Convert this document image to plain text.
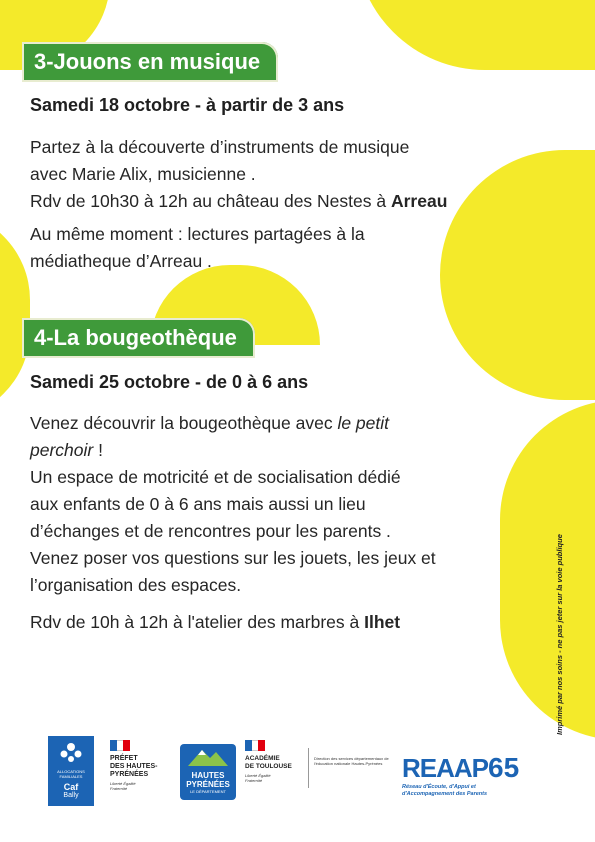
3-Jouons en musique
Samedi 18 octobre - à partir de 3 ans
Partez à la découverte d’instruments de musique
avec Marie Alix, musicienne .
Rdv de 10h30 à 12h au château des Nestes à Arreau
Au même moment : lectures partagées à la
médiatheque d’Arreau .
4-La bougeothèque
Samedi 25 octobre - de 0 à 6 ans
Venez découvrir la bougeothèque avec le petit
perchoir !
Un espace de motricité et de socialisation dédié
aux enfants de 0 à 6 ans mais aussi un lieu
d’échanges et de rencontres pour les parents .
Venez poser vos questions sur les jouets, les jeux et
l’organisation des espaces.
Rdv de 10h à 12h à l'atelier des marbres à Ilhet	Imprimé par nos soins - ne pas jeter sur la voie publique
ALLOCATIONS FAMILIALES
Caf
Bally
PRÉFET
DES HAUTES-
PYRÉNÉES
Liberté Égalité Fraternité
HAUTES
PYRÉNÉES
LE DÉPARTEMENT
ACADÉMIE
DE TOULOUSE
Liberté Égalité Fraternité
Direction des services départementaux de l'éducation nationale Hautes-Pyrénées REAAP65
Réseau d'Écoute, d'Appui et
d'Accompagnement des Parents
